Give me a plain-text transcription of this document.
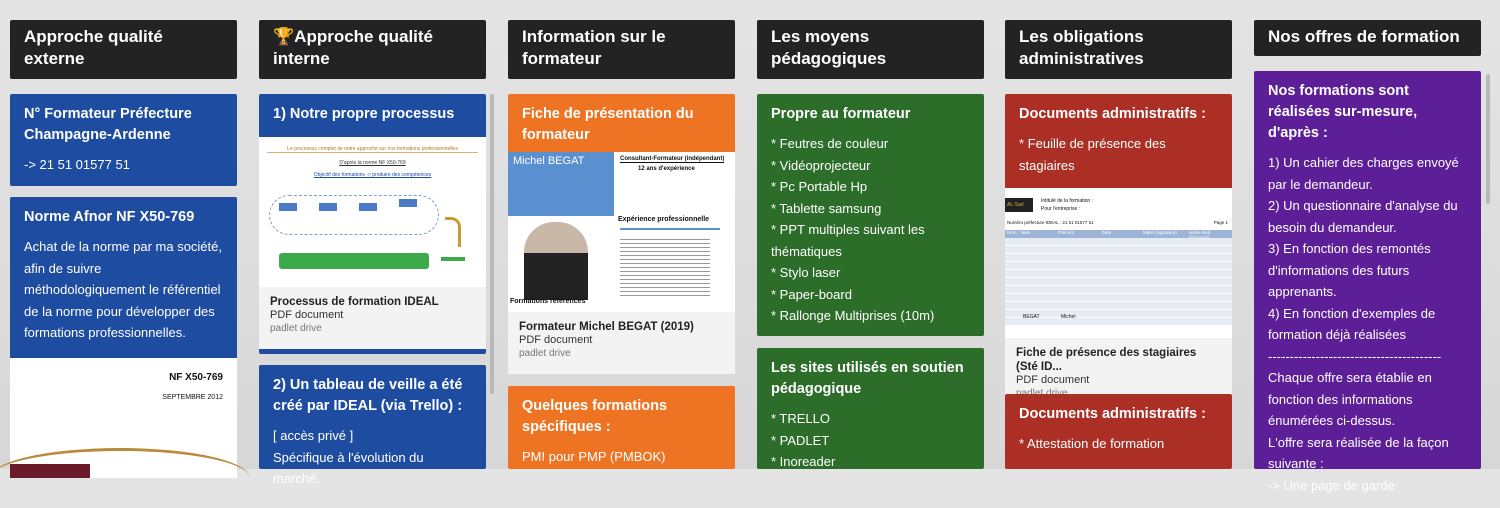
Approche qualité externe
N° Formateur Préfecture Champagne-Ardenne

-> 21 51 01577 51

Norme Afnor NF X50-769

Achat de la norme par ma société, afin de suivre méthodologiquement le référentiel de la norme pour développer des formations professionnelles.

NF X50-769
SEPTEMBRE 2012
🏆Approche qualité interne
1) Notre propre processus
Le processus complet de notre approche sur nos formations professionnelles
D'après la norme NF X50-769
Objectif des formations -> produire des compétences
Processus de formation IDEAL
PDF document
padlet drive
2) Un tableau de veille a été créé par IDEAL (via Trello) :

[ accès privé ]

Spécifique à l'évolution du marché.

Information sur le formateur
Fiche de présentation du formateur
Michel BEGAT	Consultant-Formateur (indépendant)
12 ans d'expérience
Expérience professionnelle
Formations références
Formateur Michel BEGAT (2019)
PDF document
padlet drive
Quelques formations spécifiques :

PMI pour PMP (PMBOK)

Les moyens pédagogiques
Propre au formateur

* Feutres de couleur

* Vidéoprojecteur

* Pc Portable Hp

* Tablette samsung

* PPT multiples suivant les thématiques

* Stylo laser

* Paper-board

* Rallonge Multiprises (10m)

Les sites utilisés en soutien pédagogique

* TRELLO

* PADLET

* Inoreader

Les obligations administratives
Documents administratifs :

* Feuille de présence des stagiaires

AL-Sarl
Intitulé de la formation :
Pour l'entreprise :
Numéro préfecture IDEAL : 21 51 01577 51	Page 1
Nom Nom	Prénom	Date	Matin (signature)	Après-midi
BEGAT	Michel
Fiche de présence des stagiaires (Sté ID...
PDF document
Documents administratifs :

* Attestation de formation

Nos offres de formation
Nos formations sont réalisées sur-mesure, d'après :

1) Un cahier des charges envoyé par le demandeur.

2) Un questionnaire d'analyse du besoin du demandeur.

3) En fonction des remontés d'informations des futurs apprenants.

4) En fonction d'exemples de formation déjà réalisées

----------------------------------------

Chaque offre sera établie en fonction des informations énumérées ci-dessus.

L'offre sera réalisée de la façon suivante :

-> Une page de garde
